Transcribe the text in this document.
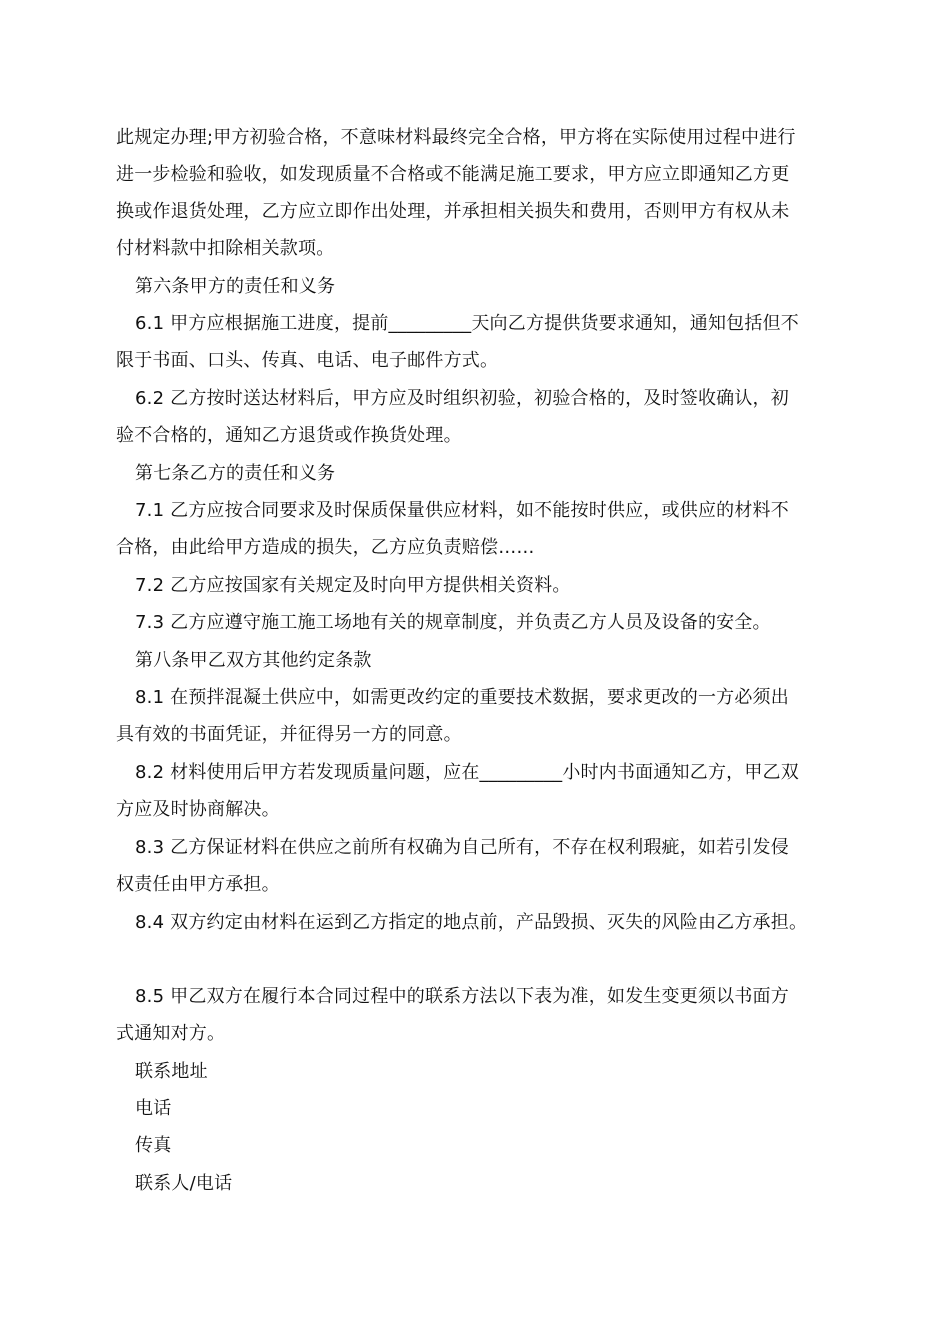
此规定办理;甲方初验合格，不意味材料最终完全合格，甲方将在实际使用过程中进行
进一步检验和验收，如发现质量不合格或不能满足施工要求，甲方应立即通知乙方更
换或作退货处理，乙方应立即作出处理，并承担相关损失和费用，否则甲方有权从未
付材料款中扣除相关款项。
第六条甲方的责任和义务
6.1 甲方应根据施工进度，提前_________天向乙方提供货要求通知，通知包括但不
限于书面、口头、传真、电话、电子邮件方式。
6.2 乙方按时送达材料后，甲方应及时组织初验，初验合格的，及时签收确认，初
验不合格的，通知乙方退货或作换货处理。
第七条乙方的责任和义务
7.1 乙方应按合同要求及时保质保量供应材料，如不能按时供应，或供应的材料不
合格，由此给甲方造成的损失，乙方应负责赔偿……
7.2 乙方应按国家有关规定及时向甲方提供相关资料。
7.3 乙方应遵守施工施工场地有关的规章制度，并负责乙方人员及设备的安全。
第八条甲乙双方其他约定条款
8.1 在预拌混凝土供应中，如需更改约定的重要技术数据，要求更改的一方必须出
具有效的书面凭证，并征得另一方的同意。
8.2 材料使用后甲方若发现质量问题，应在_________小时内书面通知乙方，甲乙双
方应及时协商解决。
8.3 乙方保证材料在供应之前所有权确为自己所有，不存在权利瑕疵，如若引发侵
权责任由甲方承担。
8.4 双方约定由材料在运到乙方指定的地点前，产品毁损、灭失的风险由乙方承担。
8.5 甲乙双方在履行本合同过程中的联系方法以下表为准，如发生变更须以书面方
式通知对方。
联系地址
电话
传真
联系人/电话
